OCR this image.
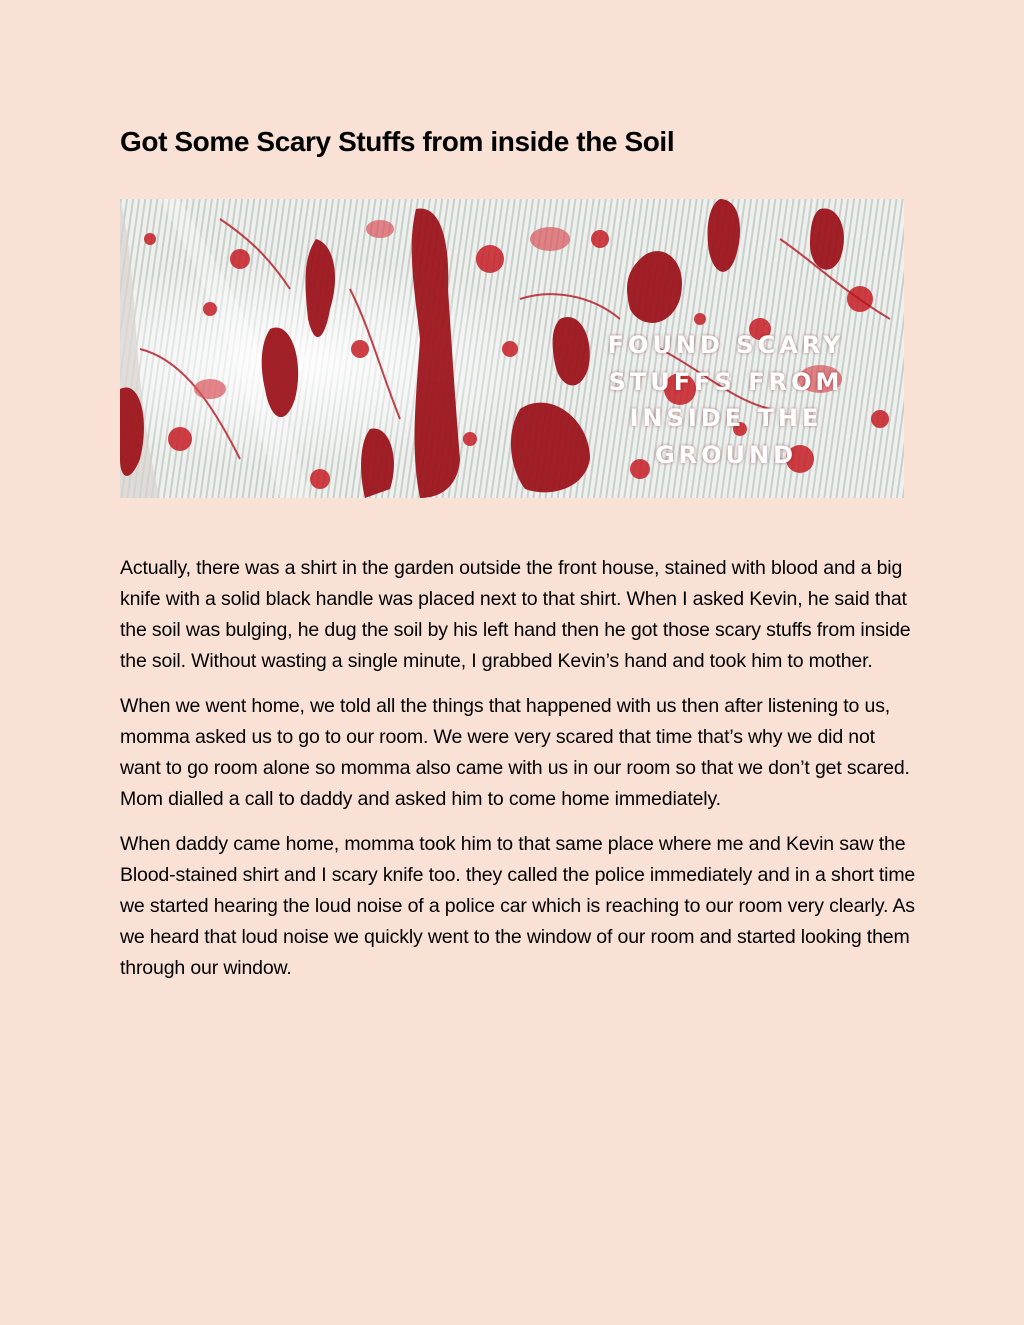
Got Some Scary Stuffs from inside the Soil
FOUND SCARY STUFFS FROM INSIDE THE GROUND

Actually, there was a shirt in the garden outside the front house, stained with blood and a big knife with a solid black handle was placed next to that shirt. When I asked Kevin, he said that the soil was bulging, he dug the soil by his left hand then he got those scary stuffs from inside the soil. Without wasting a single minute, I grabbed Kevin’s hand and took him to mother.

When we went home, we told all the things that happened with us then after listening to us, momma asked us to go to our room. We were very scared that time that’s why we did not want to go room alone so momma also came with us in our room so that we don’t get scared. Mom dialled a call to daddy and asked him to come home immediately.

When daddy came home, momma took him to that same place where me and Kevin saw the Blood-stained shirt and I scary knife too. they called the police immediately and in a short time we started hearing the loud noise of a police car which is reaching to our room very clearly. As we heard that loud noise we quickly went to the window of our room and started looking them through our window.
